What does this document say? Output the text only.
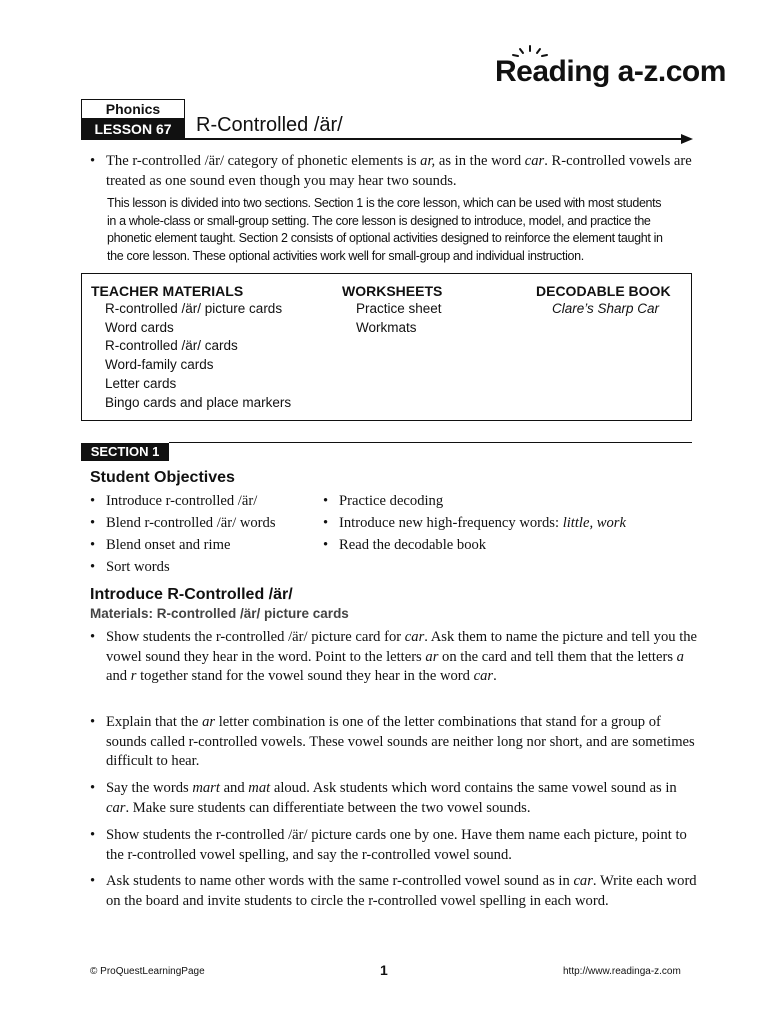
Reading a-z.com
Phonics
LESSON 67	R-Controlled /är/
• The r-controlled /är/ category of phonetic elements is ar, as in the word car. R-controlled vowels are treated as one sound even though you may hear two sounds.
This lesson is divided into two sections. Section 1 is the core lesson, which can be used with most students in a whole-class or small-group setting. The core lesson is designed to introduce, model, and practice the phonetic element taught. Section 2 consists of optional activities designed to reinforce the element taught in the core lesson. These optional activities work well for small-group and individual instruction.
TEACHER MATERIALS
R-controlled /är/ picture cards
Word cards
R-controlled /är/ cards
Word-family cards
Letter cards
Bingo cards and place markers
WORKSHEETS
Practice sheet
Workmats
DECODABLE BOOK
Clare’s Sharp Car
SECTION 1
Student Objectives
• Introduce r-controlled /är/
• Blend r-controlled /är/ words
• Blend onset and rime
• Sort words
• Practice decoding
• Introduce new high-frequency words: little, work
• Read the decodable book
Introduce R-Controlled /är/
Materials: R-controlled /är/ picture cards
• Show students the r-controlled /är/ picture card for car. Ask them to name the picture and tell you the vowel sound they hear in the word. Point to the letters ar on the card and tell them that the letters a and r together stand for the vowel sound they hear in the word car.
• Explain that the ar letter combination is one of the letter combinations that stand for a group of sounds called r-controlled vowels. These vowel sounds are neither long nor short, and are sometimes difficult to hear.
• Say the words mart and mat aloud. Ask students which word contains the same vowel sound as in car. Make sure students can differentiate between the two vowel sounds.
• Show students the r-controlled /är/ picture cards one by one. Have them name each picture, point to the r-controlled vowel spelling, and say the r-controlled vowel sound.
• Ask students to name other words with the same r-controlled vowel sound as in car. Write each word on the board and invite students to circle the r-controlled vowel spelling in each word.
© ProQuestLearningPage	1	http://www.readinga-z.com
